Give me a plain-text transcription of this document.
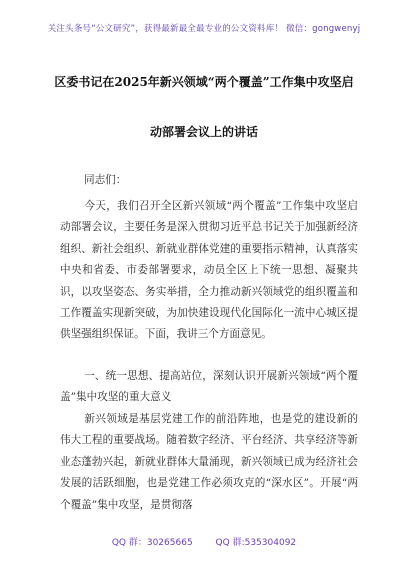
关注头条号“公文研究”，获得最新最全最专业的公文资料库！ 微信：gongwenyj
区委书记在2025年新兴领域“两个覆盖”工作集中攻坚启
动部署会议上的讲话
同志们：
今天，我们召开全区新兴领域“两个覆盖”工作集中攻坚启动部署会议，主要任务是深入贯彻习近平总书记关于加强新经济组织、新社会组织、新就业群体党建的重要指示精神，认真落实中央和省委、市委部署要求，动员全区上下统一思想、凝聚共识，以攻坚姿态、务实举措，全力推动新兴领域党的组织覆盖和工作覆盖实现新突破，为加快建设现代化国际化一流中心城区提供坚强组织保证。下面，我讲三个方面意见。
一、统一思想、提高站位，深刻认识开展新兴领域“两个覆盖”集中攻坚的重大意义
新兴领域是基层党建工作的前沿阵地，也是党的建设新的伟大工程的重要战场。随着数字经济、平台经济、共享经济等新业态蓬勃兴起，新就业群体大量涌现，新兴领域已成为经济社会发展的活跃细胞，也是党建工作必须攻克的“深水区”。开展“两个覆盖”集中攻坚，是贯彻落
QQ 群：30265665	QQ 群:535304092
